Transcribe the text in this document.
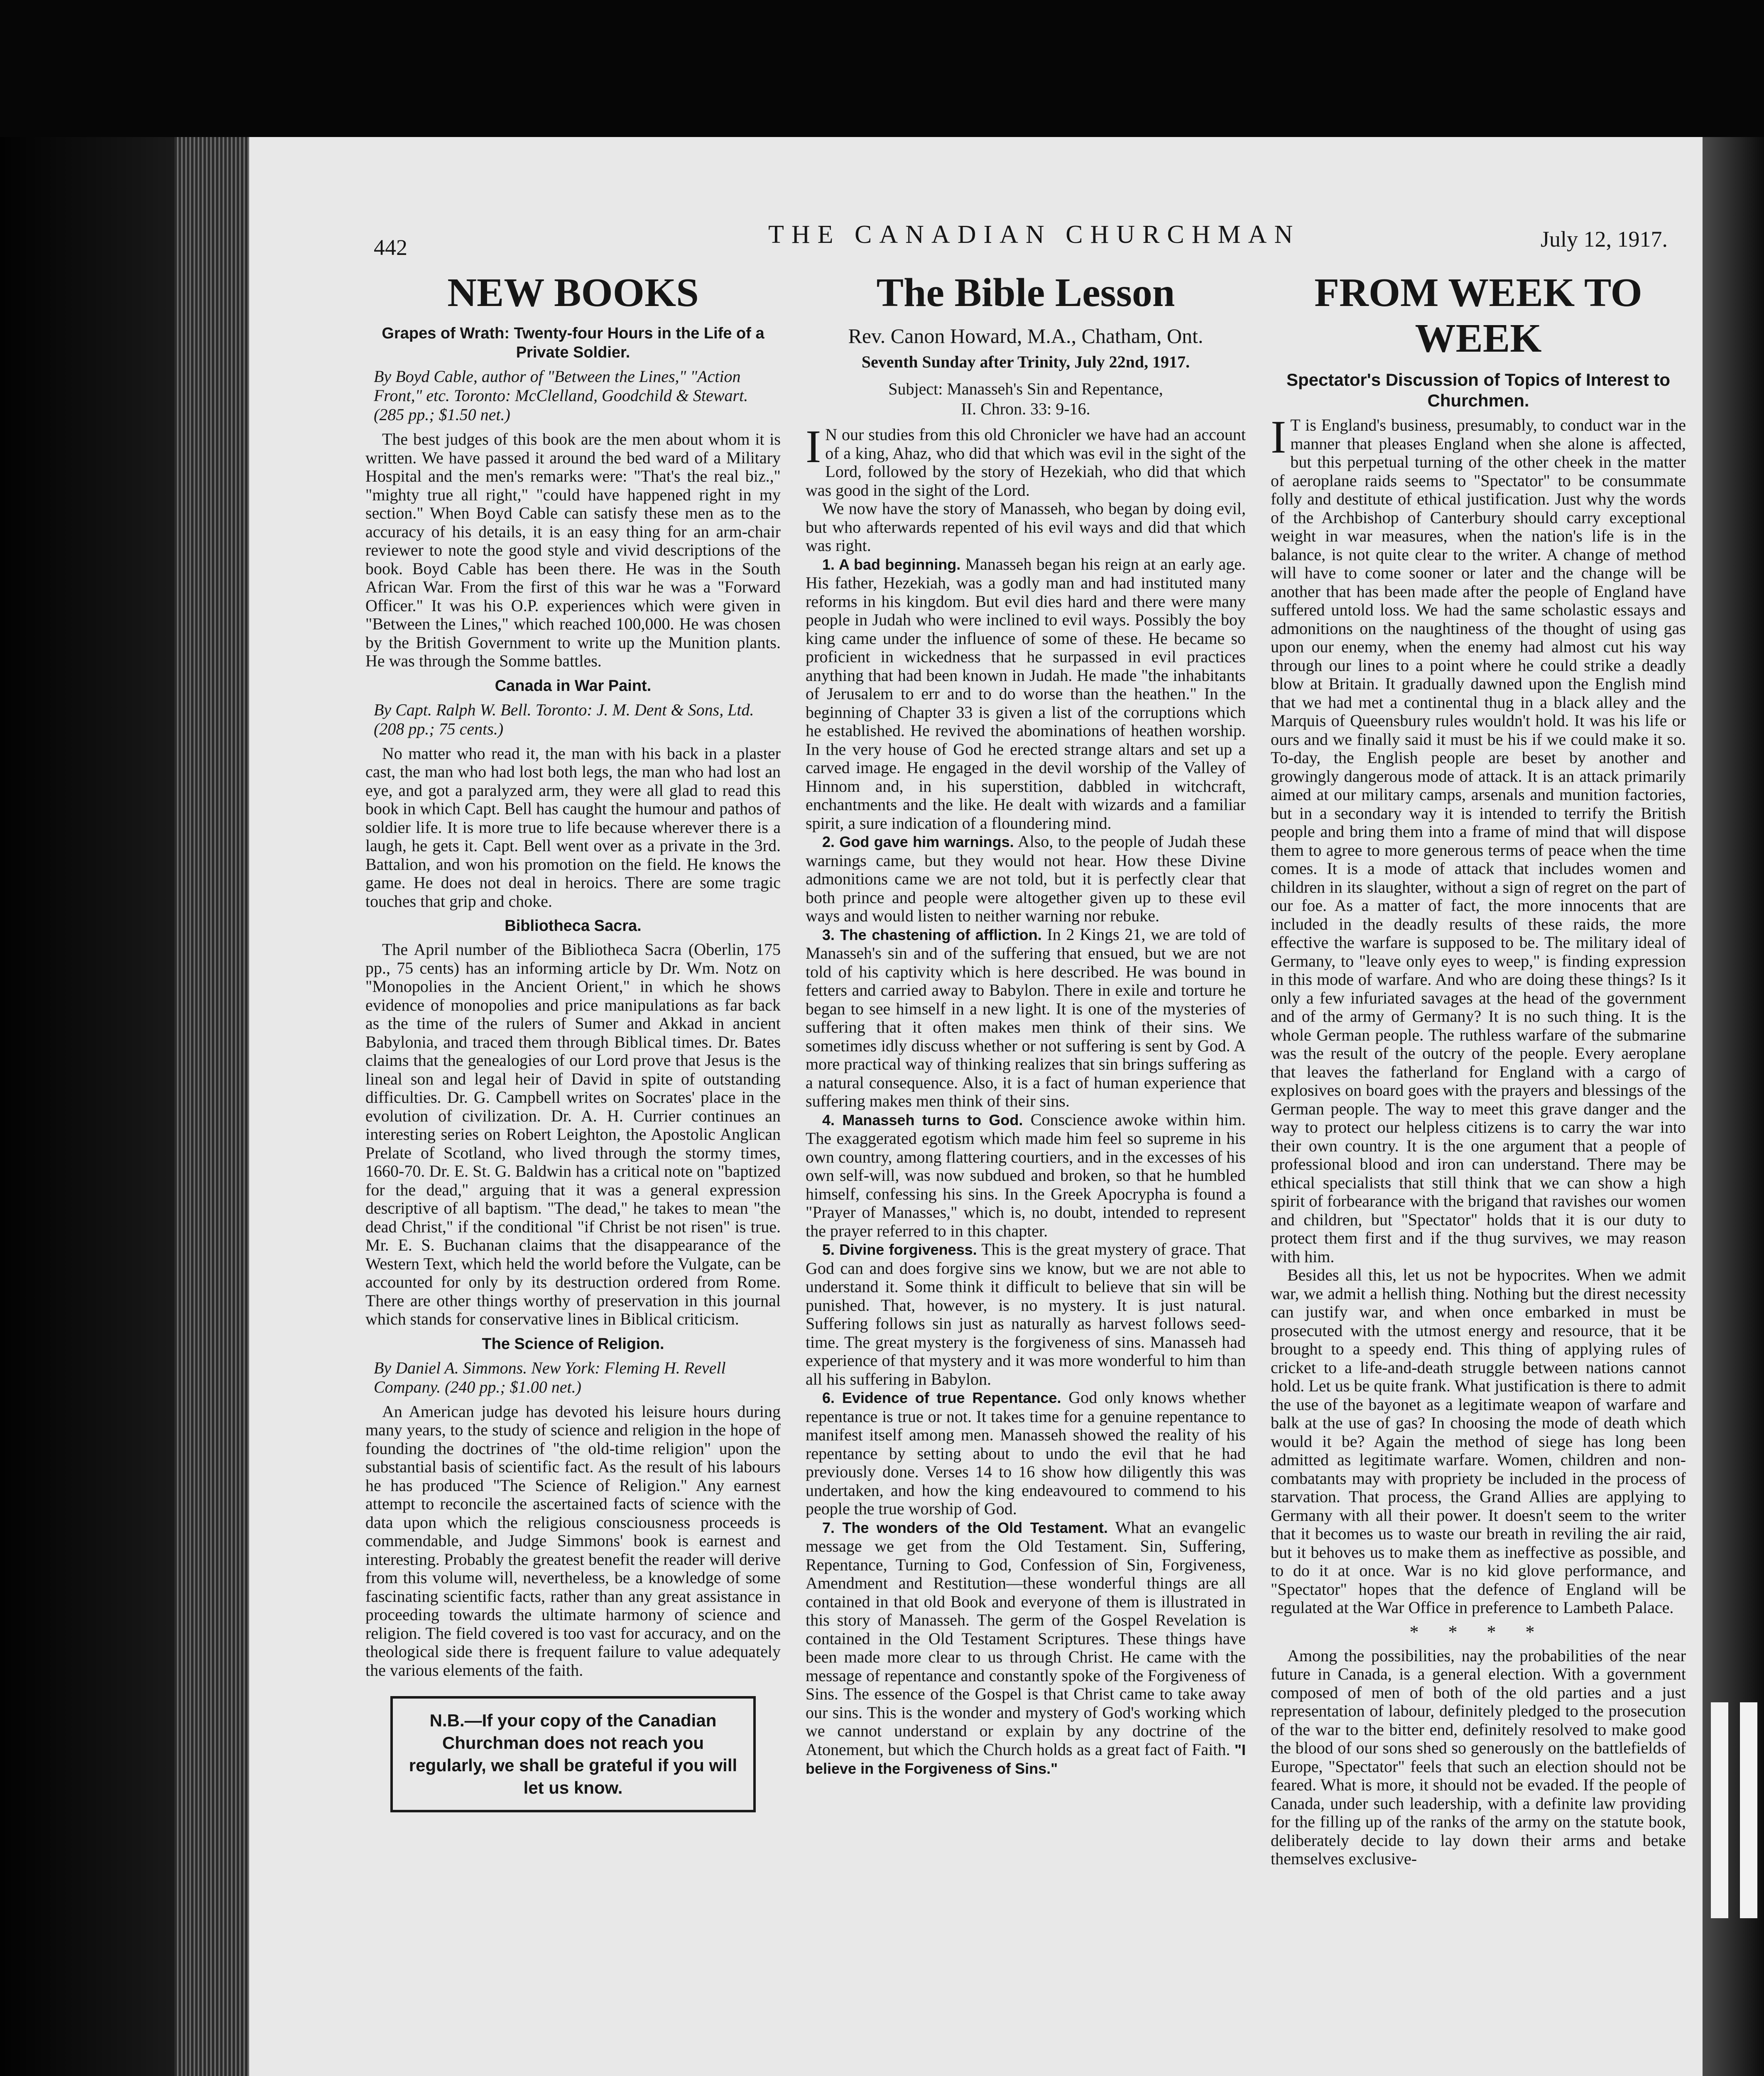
442	THE CANADIAN CHURCHMAN	July 12, 1917.
NEW BOOKS
Grapes of Wrath: Twenty-four Hours in the Life of a Private Soldier.
By Boyd Cable, author of "Between the Lines," "Action Front," etc. Toronto: McClelland, Goodchild & Stewart. (285 pp.; $1.50 net.)

The best judges of this book are the men about whom it is written. We have passed it around the bed ward of a Military Hospital and the men's remarks were: "That's the real biz.," "mighty true all right," "could have happened right in my section." When Boyd Cable can satisfy these men as to the accuracy of his details, it is an easy thing for an arm-chair reviewer to note the good style and vivid descriptions of the book. Boyd Cable has been there. He was in the South African War. From the first of this war he was a "Forward Officer." It was his O.P. experiences which were given in "Between the Lines," which reached 100,000. He was chosen by the British Government to write up the Munition plants. He was through the Somme battles.

Canada in War Paint.
By Capt. Ralph W. Bell. Toronto: J. M. Dent & Sons, Ltd. (208 pp.; 75 cents.)

No matter who read it, the man with his back in a plaster cast, the man who had lost both legs, the man who had lost an eye, and got a paralyzed arm, they were all glad to read this book in which Capt. Bell has caught the humour and pathos of soldier life. It is more true to life because wherever there is a laugh, he gets it. Capt. Bell went over as a private in the 3rd. Battalion, and won his promotion on the field. He knows the game. He does not deal in heroics. There are some tragic touches that grip and choke.

Bibliotheca Sacra.

The April number of the Bibliotheca Sacra (Oberlin, 175 pp., 75 cents) has an informing article by Dr. Wm. Notz on "Monopolies in the Ancient Orient," in which he shows evidence of monopolies and price manipulations as far back as the time of the rulers of Sumer and Akkad in ancient Babylonia, and traced them through Biblical times. Dr. Bates claims that the genealogies of our Lord prove that Jesus is the lineal son and legal heir of David in spite of outstanding difficulties. Dr. G. Campbell writes on Socrates' place in the evolution of civilization. Dr. A. H. Currier continues an interesting series on Robert Leighton, the Apostolic Anglican Prelate of Scotland, who lived through the stormy times, 1660-70. Dr. E. St. G. Baldwin has a critical note on "baptized for the dead," arguing that it was a general expression descriptive of all baptism. "The dead," he takes to mean "the dead Christ," if the conditional "if Christ be not risen" is true. Mr. E. S. Buchanan claims that the disappearance of the Western Text, which held the world before the Vulgate, can be accounted for only by its destruction ordered from Rome. There are other things worthy of preservation in this journal which stands for conservative lines in Biblical criticism.

The Science of Religion.
By Daniel A. Simmons. New York: Fleming H. Revell Company. (240 pp.; $1.00 net.)

An American judge has devoted his leisure hours during many years, to the study of science and religion in the hope of founding the doctrines of "the old-time religion" upon the substantial basis of scientific fact. As the result of his labours he has produced "The Science of Religion." Any earnest attempt to reconcile the ascertained facts of science with the data upon which the religious consciousness proceeds is commendable, and Judge Simmons' book is earnest and interesting. Probably the greatest benefit the reader will derive from this volume will, nevertheless, be a knowledge of some fascinating scientific facts, rather than any great assistance in proceeding towards the ultimate harmony of science and religion. The field covered is too vast for accuracy, and on the theological side there is frequent failure to value adequately the various elements of the faith.

N.B.—If your copy of the Canadian Churchman does not reach you regularly, we shall be grateful if you will let us know.
The Bible Lesson

Rev. Canon Howard, M.A., Chatham, Ont.

Seventh Sunday after Trinity, July 22nd, 1917.

Subject: Manasseh's Sin and Repentance,
II. Chron. 33: 9-16.

I N our studies from this old Chronicler we have had an account of a king, Ahaz, who did that which was evil in the sight of the Lord, followed by the story of Hezekiah, who did that which was good in the sight of the Lord.

We now have the story of Manasseh, who began by doing evil, but who afterwards repented of his evil ways and did that which was right.

1. A bad beginning. Manasseh began his reign at an early age. His father, Hezekiah, was a godly man and had instituted many reforms in his kingdom. But evil dies hard and there were many people in Judah who were inclined to evil ways. Possibly the boy king came under the influence of some of these. He became so proficient in wickedness that he surpassed in evil practices anything that had been known in Judah. He made "the inhabitants of Jerusalem to err and to do worse than the heathen." In the beginning of Chapter 33 is given a list of the corruptions which he established. He revived the abominations of heathen worship. In the very house of God he erected strange altars and set up a carved image. He engaged in the devil worship of the Valley of Hinnom and, in his superstition, dabbled in witchcraft, enchantments and the like. He dealt with wizards and a familiar spirit, a sure indication of a floundering mind.

2. God gave him warnings. Also, to the people of Judah these warnings came, but they would not hear. How these Divine admonitions came we are not told, but it is perfectly clear that both prince and people were altogether given up to these evil ways and would listen to neither warning nor rebuke.

3. The chastening of affliction. In 2 Kings 21, we are told of Manasseh's sin and of the suffering that ensued, but we are not told of his captivity which is here described. He was bound in fetters and carried away to Babylon. There in exile and torture he began to see himself in a new light. It is one of the mysteries of suffering that it often makes men think of their sins. We sometimes idly discuss whether or not suffering is sent by God. A more practical way of thinking realizes that sin brings suffering as a natural consequence. Also, it is a fact of human experience that suffering makes men think of their sins.

4. Manasseh turns to God. Conscience awoke within him. The exaggerated egotism which made him feel so supreme in his own country, among flattering courtiers, and in the excesses of his own self-will, was now subdued and broken, so that he humbled himself, confessing his sins. In the Greek Apocrypha is found a "Prayer of Manasses," which is, no doubt, intended to represent the prayer referred to in this chapter.

5. Divine forgiveness. This is the great mystery of grace. That God can and does forgive sins we know, but we are not able to understand it. Some think it difficult to believe that sin will be punished. That, however, is no mystery. It is just natural. Suffering follows sin just as naturally as harvest follows seed-time. The great mystery is the forgiveness of sins. Manasseh had experience of that mystery and it was more wonderful to him than all his suffering in Babylon.

6. Evidence of true Repentance. God only knows whether repentance is true or not. It takes time for a genuine repentance to manifest itself among men. Manasseh showed the reality of his repentance by setting about to undo the evil that he had previously done. Verses 14 to 16 show how diligently this was undertaken, and how the king endeavoured to commend to his people the true worship of God.

7. The wonders of the Old Testament. What an evangelic message we get from the Old Testament. Sin, Suffering, Repentance, Turning to God, Confession of Sin, Forgiveness, Amendment and Restitution—these wonderful things are all contained in that old Book and everyone of them is illustrated in this story of Manasseh. The germ of the Gospel Revelation is contained in the Old Testament Scriptures. These things have been made more clear to us through Christ. He came with the message of repentance and constantly spoke of the Forgiveness of Sins. The essence of the Gospel is that Christ came to take away our sins. This is the wonder and mystery of God's working which we cannot understand or explain by any doctrine of the Atonement, but which the Church holds as a great fact of Faith. "I believe in the Forgiveness of Sins."

FROM WEEK TO WEEK
Spectator's Discussion of Topics of Interest to Churchmen.

I T is England's business, presumably, to conduct war in the manner that pleases England when she alone is affected, but this perpetual turning of the other cheek in the matter of aeroplane raids seems to "Spectator" to be consummate folly and destitute of ethical justification. Just why the words of the Archbishop of Canterbury should carry exceptional weight in war measures, when the nation's life is in the balance, is not quite clear to the writer. A change of method will have to come sooner or later and the change will be another that has been made after the people of England have suffered untold loss. We had the same scholastic essays and admonitions on the naughtiness of the thought of using gas upon our enemy, when the enemy had almost cut his way through our lines to a point where he could strike a deadly blow at Britain. It gradually dawned upon the English mind that we had met a continental thug in a black alley and the Marquis of Queensbury rules wouldn't hold. It was his life or ours and we finally said it must be his if we could make it so. To-day, the English people are beset by another and growingly dangerous mode of attack. It is an attack primarily aimed at our military camps, arsenals and munition factories, but in a secondary way it is intended to terrify the British people and bring them into a frame of mind that will dispose them to agree to more generous terms of peace when the time comes. It is a mode of attack that includes women and children in its slaughter, without a sign of regret on the part of our foe. As a matter of fact, the more innocents that are included in the deadly results of these raids, the more effective the warfare is supposed to be. The military ideal of Germany, to "leave only eyes to weep," is finding expression in this mode of warfare. And who are doing these things? Is it only a few infuriated savages at the head of the government and of the army of Germany? It is no such thing. It is the whole German people. The ruthless warfare of the submarine was the result of the outcry of the people. Every aeroplane that leaves the fatherland for England with a cargo of explosives on board goes with the prayers and blessings of the German people. The way to meet this grave danger and the way to protect our helpless citizens is to carry the war into their own country. It is the one argument that a people of professional blood and iron can understand. There may be ethical specialists that still think that we can show a high spirit of forbearance with the brigand that ravishes our women and children, but "Spectator" holds that it is our duty to protect them first and if the thug survives, we may reason with him.

Besides all this, let us not be hypocrites. When we admit war, we admit a hellish thing. Nothing but the direst necessity can justify war, and when once embarked in must be prosecuted with the utmost energy and resource, that it be brought to a speedy end. This thing of applying rules of cricket to a life-and-death struggle between nations cannot hold. Let us be quite frank. What justification is there to admit the use of the bayonet as a legitimate weapon of warfare and balk at the use of gas? In choosing the mode of death which would it be? Again the method of siege has long been admitted as legitimate warfare. Women, children and non-combatants may with propriety be included in the process of starvation. That process, the Grand Allies are applying to Germany with all their power. It doesn't seem to the writer that it becomes us to waste our breath in reviling the air raid, but it behoves us to make them as ineffective as possible, and to do it at once. War is no kid glove performance, and "Spectator" hopes that the defence of England will be regulated at the War Office in preference to Lambeth Palace.

* * * *

Among the possibilities, nay the probabilities of the near future in Canada, is a general election. With a government composed of men of both of the old parties and a just representation of labour, definitely pledged to the prosecution of the war to the bitter end, definitely resolved to make good the blood of our sons shed so generously on the battlefields of Europe, "Spectator" feels that such an election should not be feared. What is more, it should not be evaded. If the people of Canada, under such leadership, with a definite law providing for the filling up of the ranks of the army on the statute book, deliberately decide to lay down their arms and betake themselves exclusive-
